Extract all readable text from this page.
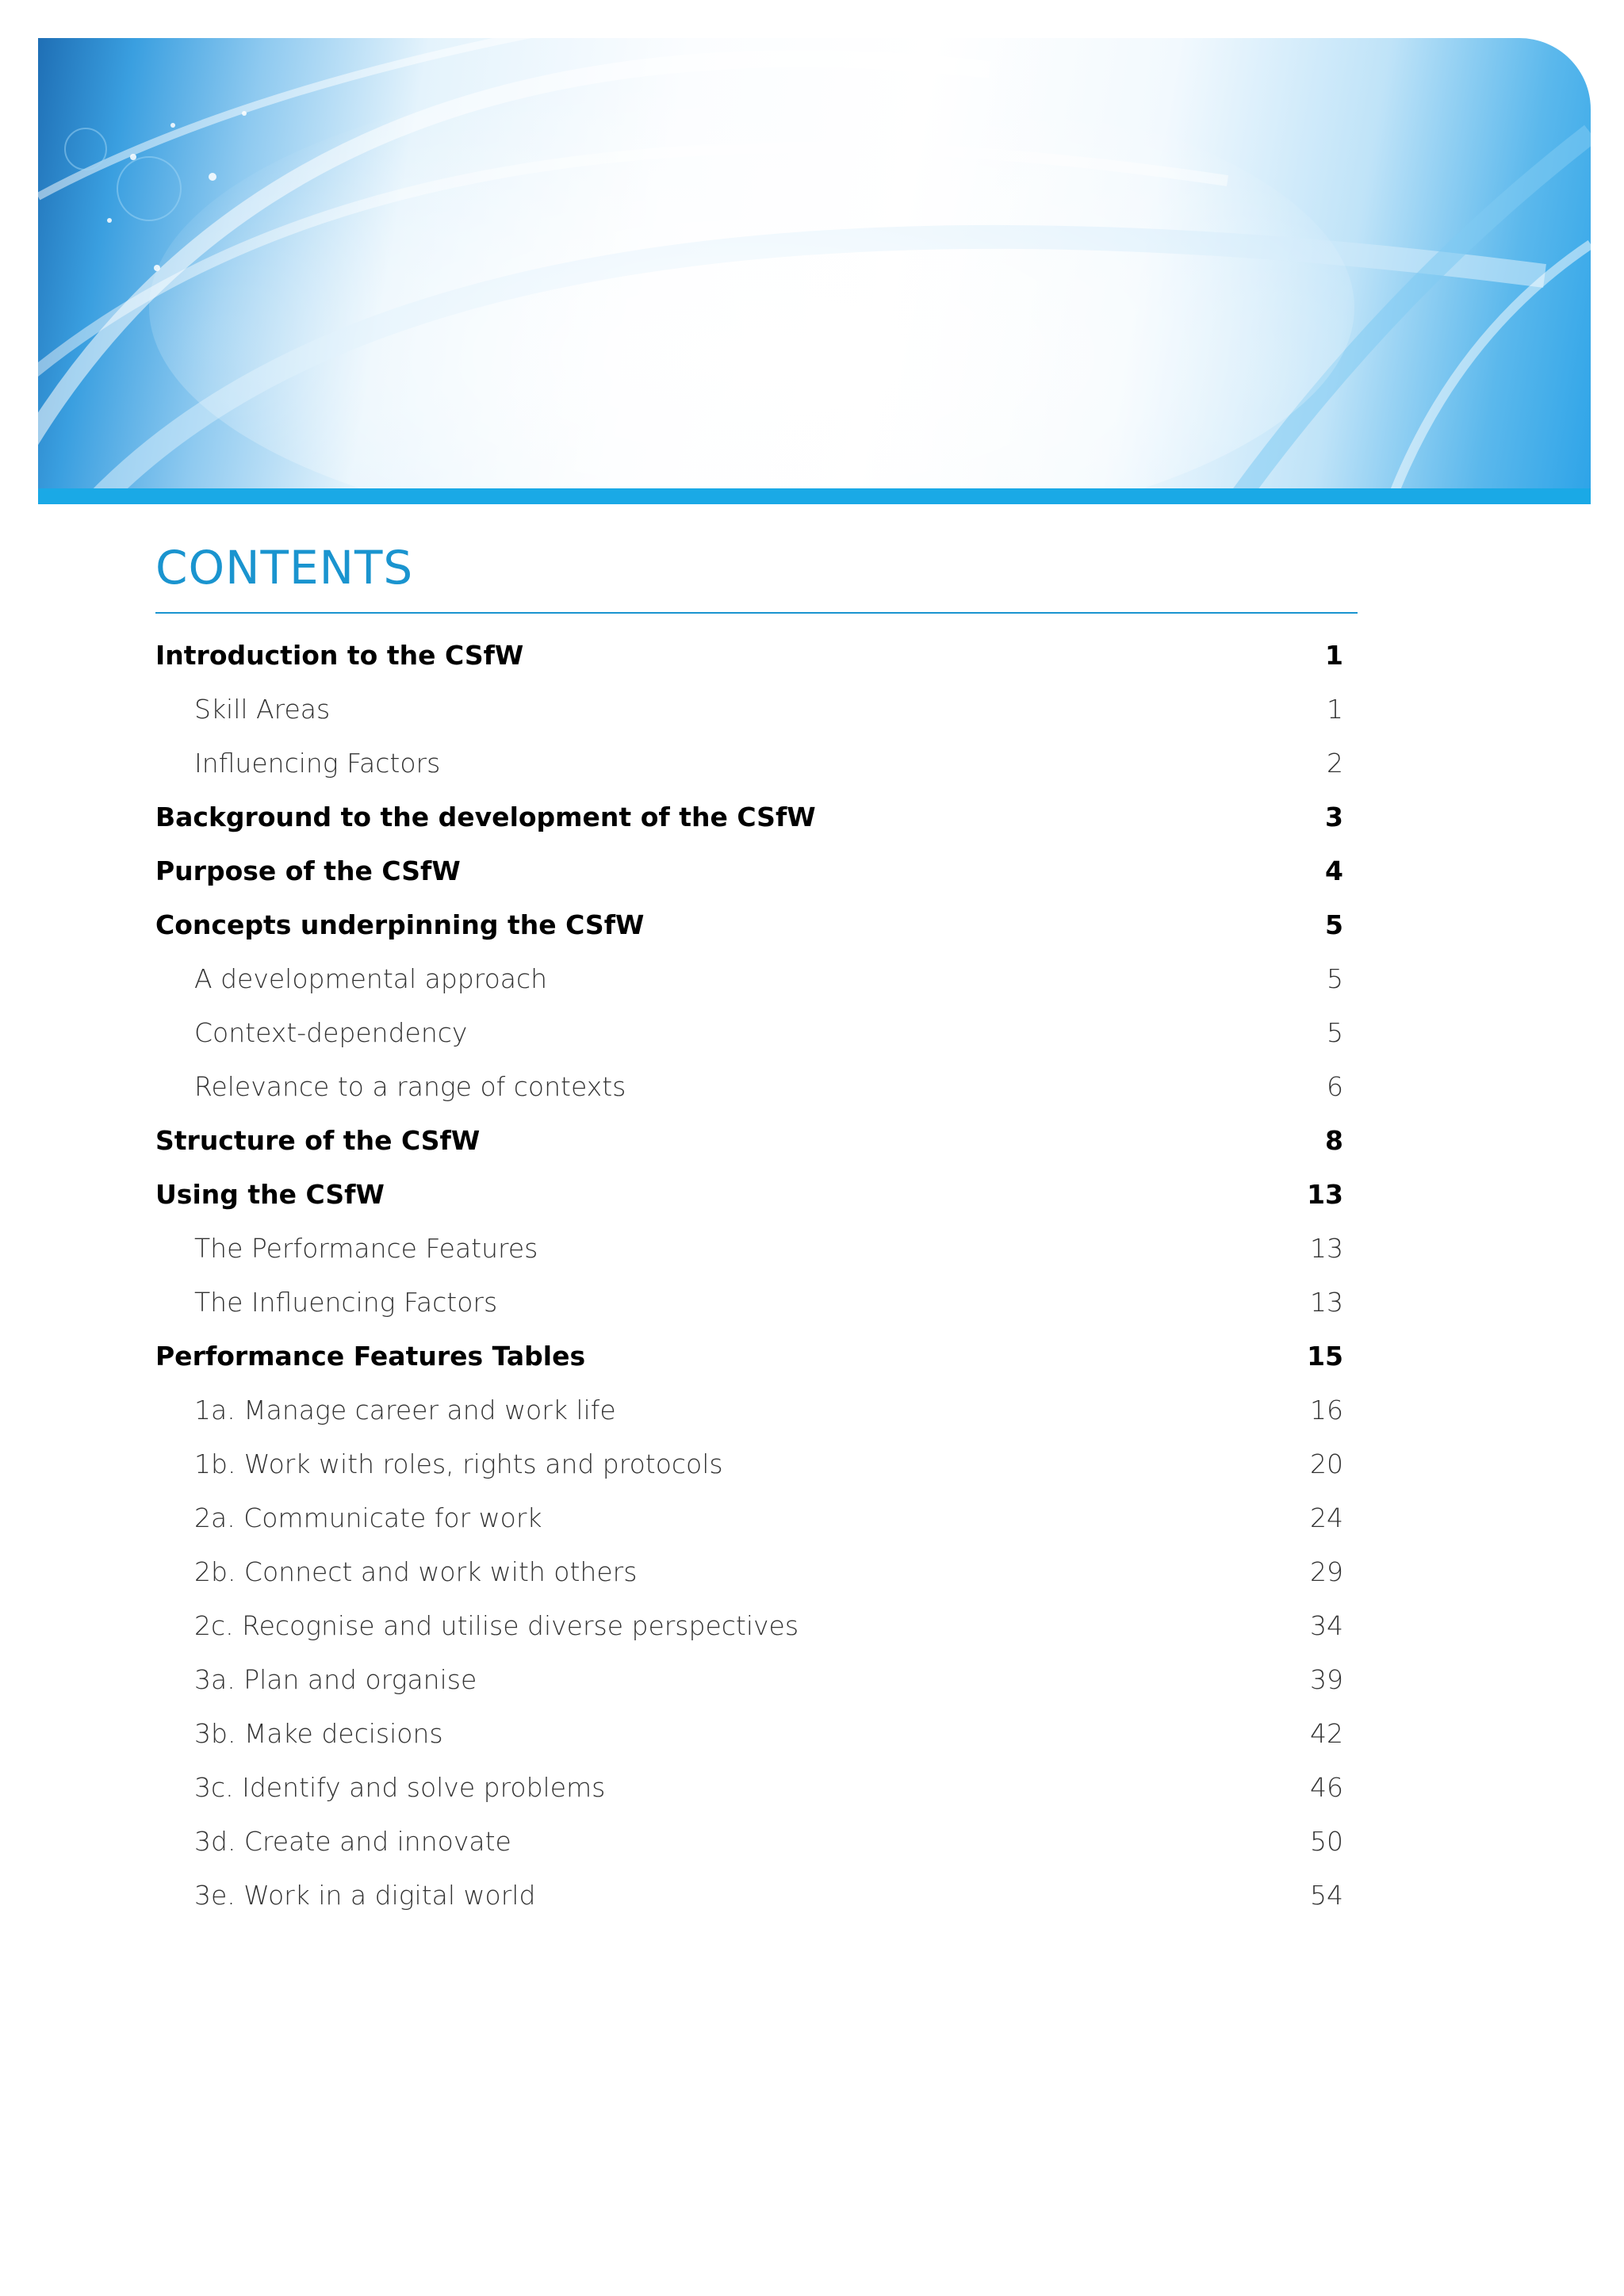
CONTENTS
Introduction to the CSfW	1
Skill Areas	1
Influencing Factors	2
Background to the development of the CSfW	3
Purpose of the CSfW	4
Concepts underpinning the CSfW	5
A developmental approach	5
Context-dependency	5
Relevance to a range of contexts	6
Structure of the CSfW	8
Using the CSfW	13
The Performance Features	13
The Influencing Factors	13
Performance Features Tables	15
1a. Manage career and work life	16
1b. Work with roles, rights and protocols	20
2a. Communicate for work	24
2b. Connect and work with others	29
2c. Recognise and utilise diverse perspectives	34
3a. Plan and organise	39
3b. Make decisions	42
3c. Identify and solve problems	46
3d. Create and innovate	50
3e. Work in a digital world	54
